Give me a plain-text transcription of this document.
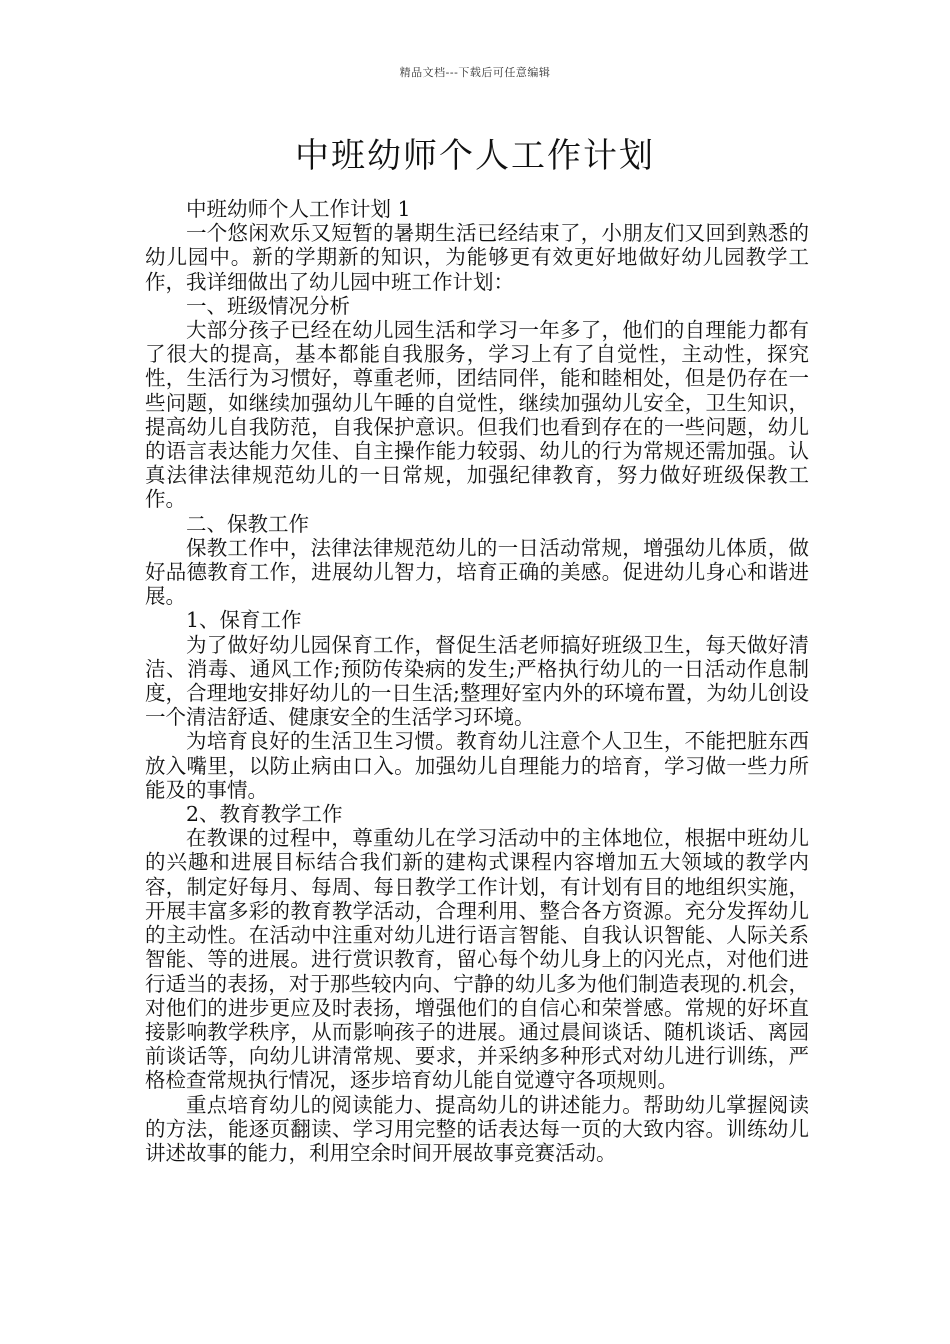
精品文档---下载后可任意编辑
中班幼师个人工作计划

中班幼师个人工作计划 1

一个悠闲欢乐又短暂的暑期生活已经结束了，小朋友们又回到熟悉的幼儿园中。新的学期新的知识，为能够更有效更好地做好幼儿园教学工作，我详细做出了幼儿园中班工作计划：

一、班级情况分析

大部分孩子已经在幼儿园生活和学习一年多了，他们的自理能力都有了很大的提高，基本都能自我服务，学习上有了自觉性，主动性，探究性，生活行为习惯好，尊重老师，团结同伴，能和睦相处，但是仍存在一些问题，如继续加强幼儿午睡的自觉性，继续加强幼儿安全，卫生知识，提高幼儿自我防范，自我保护意识。但我们也看到存在的一些问题，幼儿的语言表达能力欠佳、自主操作能力较弱、幼儿的行为常规还需加强。认真法律法律规范幼儿的一日常规，加强纪律教育，努力做好班级保教工作。

二、保教工作

保教工作中，法律法律规范幼儿的一日活动常规，增强幼儿体质，做好品德教育工作，进展幼儿智力，培育正确的美感。促进幼儿身心和谐进展。

1、保育工作

为了做好幼儿园保育工作，督促生活老师搞好班级卫生，每天做好清洁、消毒、通风工作;预防传染病的发生;严格执行幼儿的一日活动作息制度，合理地安排好幼儿的一日生活;整理好室内外的环境布置，为幼儿创设一个清洁舒适、健康安全的生活学习环境。

为培育良好的生活卫生习惯。教育幼儿注意个人卫生，不能把脏东西放入嘴里，以防止病由口入。加强幼儿自理能力的培育，学习做一些力所能及的事情。

2、教育教学工作

在教课的过程中，尊重幼儿在学习活动中的主体地位，根据中班幼儿的兴趣和进展目标结合我们新的建构式课程内容增加五大领域的教学内容，制定好每月、每周、每日教学工作计划，有计划有目的地组织实施，开展丰富多彩的教育教学活动，合理利用、整合各方资源。充分发挥幼儿的主动性。在活动中注重对幼儿进行语言智能、自我认识智能、人际关系智能、等的进展。进行赏识教育，留心每个幼儿身上的闪光点，对他们进行适当的表扬，对于那些较内向、宁静的幼儿多为他们制造表现的.机会，对他们的进步更应及时表扬，增强他们的自信心和荣誉感。常规的好坏直接影响教学秩序，从而影响孩子的进展。通过晨间谈话、随机谈话、离园前谈话等，向幼儿讲清常规、要求，并采纳多种形式对幼儿进行训练，严格检查常规执行情况，逐步培育幼儿能自觉遵守各项规则。

重点培育幼儿的阅读能力、提高幼儿的讲述能力。帮助幼儿掌握阅读的方法，能逐页翻读、学习用完整的话表达每一页的大致内容。训练幼儿讲述故事的能力，利用空余时间开展故事竞赛活动。
